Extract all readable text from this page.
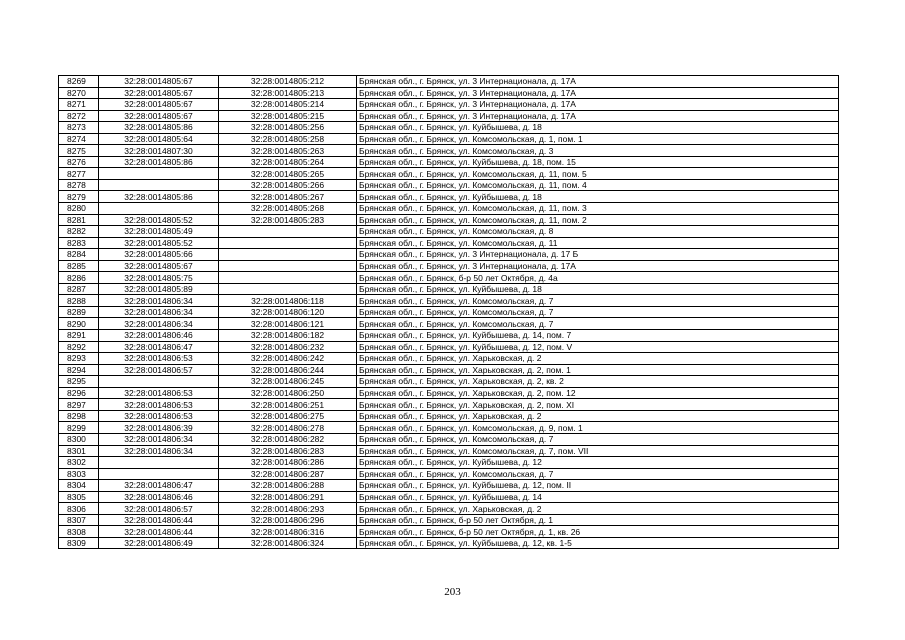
8269	32:28:0014805:67	32:28:0014805:212	Брянская обл., г. Брянск, ул. 3 Интернационала, д. 17А
8270	32:28:0014805:67	32:28:0014805:213	Брянская обл., г. Брянск, ул. 3 Интернационала, д. 17А
8271	32:28:0014805:67	32:28:0014805:214	Брянская обл., г. Брянск, ул. 3 Интернационала, д. 17А
8272	32:28:0014805:67	32:28:0014805:215	Брянская обл., г. Брянск, ул. 3 Интернационала, д. 17А
8273	32:28:0014805:86	32:28:0014805:256	Брянская обл., г. Брянск, ул. Куйбышева, д. 18
8274	32:28:0014805:64	32:28:0014805:258	Брянская обл., г. Брянск, ул. Комсомольская, д. 1, пом. 1
8275	32:28:0014807:30	32:28:0014805:263	Брянская обл., г. Брянск, ул. Комсомольская, д. 3
8276	32:28:0014805:86	32:28:0014805:264	Брянская обл., г. Брянск, ул. Куйбышева, д. 18, пом. 15
8277		32:28:0014805:265	Брянская обл., г. Брянск, ул. Комсомольская, д. 11, пом. 5
8278		32:28:0014805:266	Брянская обл., г. Брянск, ул. Комсомольская, д. 11, пом. 4
8279	32:28:0014805:86	32:28:0014805:267	Брянская обл., г. Брянск, ул. Куйбышева, д. 18
8280		32:28:0014805:268	Брянская обл., г. Брянск, ул. Комсомольская, д. 11, пом. 3
8281	32:28:0014805:52	32:28:0014805:283	Брянская обл., г. Брянск, ул. Комсомольская, д. 11, пом. 2
8282	32:28:0014805:49		Брянская обл., г. Брянск, ул. Комсомольская, д. 8
8283	32:28:0014805:52		Брянская обл., г. Брянск, ул. Комсомольская, д. 11
8284	32:28:0014805:66		Брянская обл., г. Брянск, ул. 3 Интернационала, д. 17 Б
8285	32:28:0014805:67		Брянская обл., г. Брянск, ул. 3 Интернационала, д. 17А
8286	32:28:0014805:75		Брянская обл., г. Брянск, б-р 50 лет Октября, д. 4а
8287	32:28:0014805:89		Брянская обл., г. Брянск, ул. Куйбышева, д. 18
8288	32:28:0014806:34	32:28:0014806:118	Брянская обл., г. Брянск, ул. Комсомольская, д. 7
8289	32:28:0014806:34	32:28:0014806:120	Брянская обл., г. Брянск, ул. Комсомольская, д. 7
8290	32:28:0014806:34	32:28:0014806:121	Брянская обл., г. Брянск, ул. Комсомольская, д. 7
8291	32:28:0014806:46	32:28:0014806:182	Брянская обл., г. Брянск, ул. Куйбышева, д. 14, пом. 7
8292	32:28:0014806:47	32:28:0014806:232	Брянская обл., г. Брянск, ул. Куйбышева, д. 12, пом. V
8293	32:28:0014806:53	32:28:0014806:242	Брянская обл., г. Брянск, ул. Харьковская, д. 2
8294	32:28:0014806:57	32:28:0014806:244	Брянская обл., г. Брянск, ул. Харьковская, д. 2, пом. 1
8295		32:28:0014806:245	Брянская обл., г. Брянск, ул. Харьковская, д. 2, кв. 2
8296	32:28:0014806:53	32:28:0014806:250	Брянская обл., г. Брянск, ул. Харьковская, д. 2, пом. 12
8297	32:28:0014806:53	32:28:0014806:251	Брянская обл., г. Брянск, ул. Харьковская, д. 2, пом. XI
8298	32:28:0014806:53	32:28:0014806:275	Брянская обл., г. Брянск, ул. Харьковская, д. 2
8299	32:28:0014806:39	32:28:0014806:278	Брянская обл., г. Брянск, ул. Комсомольская, д. 9, пом. 1
8300	32:28:0014806:34	32:28:0014806:282	Брянская обл., г. Брянск, ул. Комсомольская, д. 7
8301	32:28:0014806:34	32:28:0014806:283	Брянская обл., г. Брянск, ул. Комсомольская, д. 7, пом. VII
8302		32:28:0014806:286	Брянская обл., г. Брянск, ул. Куйбышева, д. 12
8303		32:28:0014806:287	Брянская обл., г. Брянск, ул. Комсомольская, д. 7
8304	32:28:0014806:47	32:28:0014806:288	Брянская обл., г. Брянск, ул. Куйбышева, д. 12, пом. II
8305	32:28:0014806:46	32:28:0014806:291	Брянская обл., г. Брянск, ул. Куйбышева, д. 14
8306	32:28:0014806:57	32:28:0014806:293	Брянская обл., г. Брянск, ул. Харьковская, д. 2
8307	32:28:0014806:44	32:28:0014806:296	Брянская обл., г. Брянск, б-р 50 лет Октября, д. 1
8308	32:28:0014806:44	32:28:0014806:316	Брянская обл., г. Брянск, б-р 50 лет Октября, д. 1, кв. 26
8309	32:28:0014806:49	32:28:0014806:324	Брянская обл., г. Брянск, ул. Куйбышева, д. 12, кв. 1-5
203
